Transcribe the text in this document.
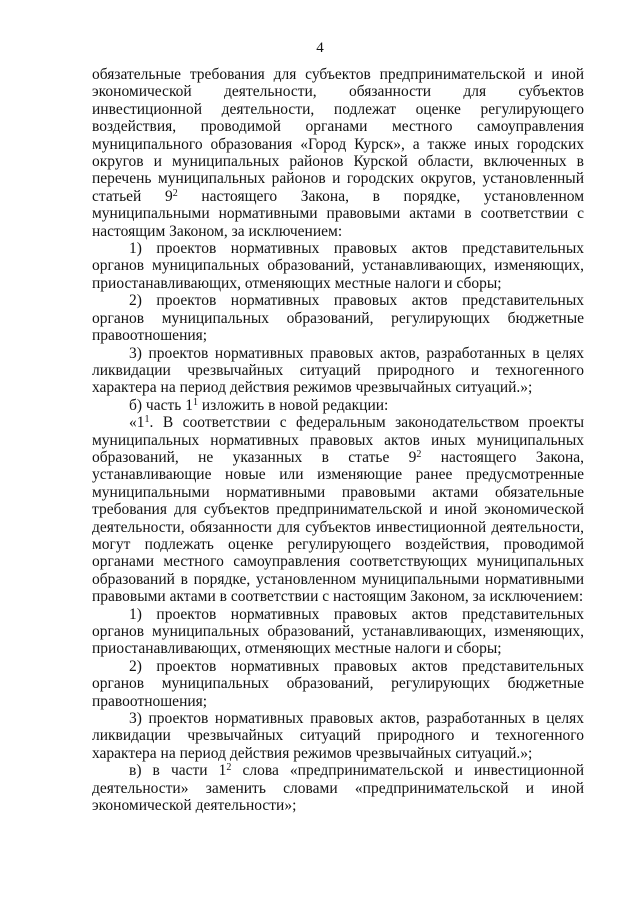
4

обязательные требования для субъектов предпринимательской и иной экономической деятельности, обязанности для субъектов инвестиционной деятельности, подлежат оценке регулирующего воздействия, проводимой органами местного самоуправления муниципального образования «Город Курск», а также иных городских округов и муниципальных районов Курской области, включенных в перечень муниципальных районов и городских округов, установленный статьей $9^2$ настоящего Закона, в порядке, установленном муниципальными нормативными правовыми актами в соответствии с настоящим Законом, за исключением:

1) проектов нормативных правовых актов представительных органов муниципальных образований, устанавливающих, изменяющих, приостанавливающих, отменяющих местные налоги и сборы;

2) проектов нормативных правовых актов представительных органов муниципальных образований, регулирующих бюджетные правоотношения;

3) проектов нормативных правовых актов, разработанных в целях ликвидации чрезвычайных ситуаций природного и техногенного характера на период действия режимов чрезвычайных ситуаций.»;

б) часть $1^1$ изложить в новой редакции:

«$1^1$. В соответствии с федеральным законодательством проекты муниципальных нормативных правовых актов иных муниципальных образований, не указанных в статье $9^2$ настоящего Закона, устанавливающие новые или изменяющие ранее предусмотренные муниципальными нормативными правовыми актами обязательные требования для субъектов предпринимательской и иной экономической деятельности, обязанности для субъектов инвестиционной деятельности, могут подлежать оценке регулирующего воздействия, проводимой органами местного самоуправления соответствующих муниципальных образований в порядке, установленном муниципальными нормативными правовыми актами в соответствии с настоящим Законом, за исключением:

1) проектов нормативных правовых актов представительных органов муниципальных образований, устанавливающих, изменяющих, приостанавливающих, отменяющих местные налоги и сборы;

2) проектов нормативных правовых актов представительных органов муниципальных образований, регулирующих бюджетные правоотношения;

3) проектов нормативных правовых актов, разработанных в целях ликвидации чрезвычайных ситуаций природного и техногенного характера на период действия режимов чрезвычайных ситуаций.»;

в) в части $1^2$ слова «предпринимательской и инвестиционной деятельности» заменить словами «предпринимательской и иной экономической деятельности»;
